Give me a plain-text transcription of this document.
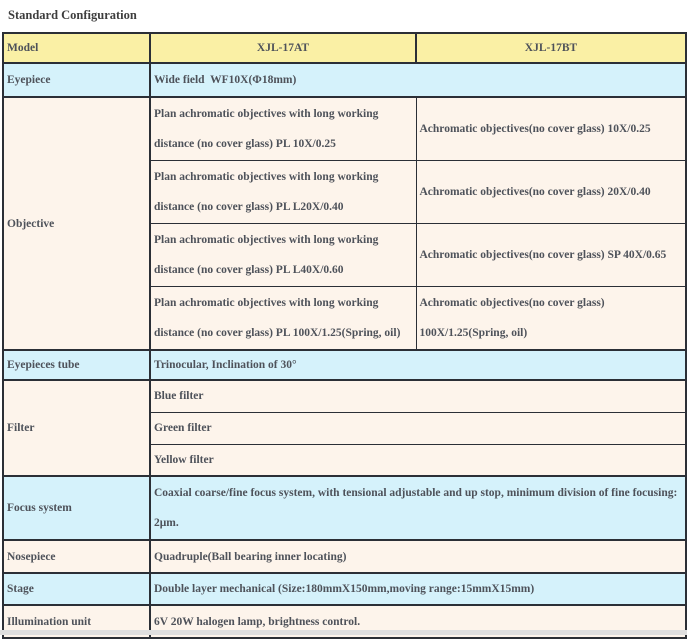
Standard Configuration
Model	XJL-17AT	XJL-17BT
Eyepiece	Wide field  WF10X(Φ18mm)	
Objective	Plan achromatic objectives with long working distance (no cover glass) PL 10X/0.25	Achromatic objectives(no cover glass) 10X/0.25
	Plan achromatic objectives with long working distance (no cover glass) PL L20X/0.40	Achromatic objectives(no cover glass) 20X/0.40
	Plan achromatic objectives with long working distance (no cover glass) PL L40X/0.60	Achromatic objectives(no cover glass) SP 40X/0.65
	Plan achromatic objectives with long working distance (no cover glass) PL 100X/1.25(Spring, oil)	Achromatic objectives(no cover glass) 100X/1.25(Spring, oil)
Eyepieces tube	Trinocular, Inclination of 30°	
Filter	Blue filter	
	Green filter	
	Yellow filter	
Focus system	Coaxial coarse/fine focus system, with tensional adjustable and up stop, minimum division of fine focusing: 2μm.	
Nosepiece	Quadruple(Ball bearing inner locating)	
Stage	Double layer mechanical (Size:180mmX150mm,moving range:15mmX15mm)	
Illumination unit	6V 20W halogen lamp, brightness control.	
